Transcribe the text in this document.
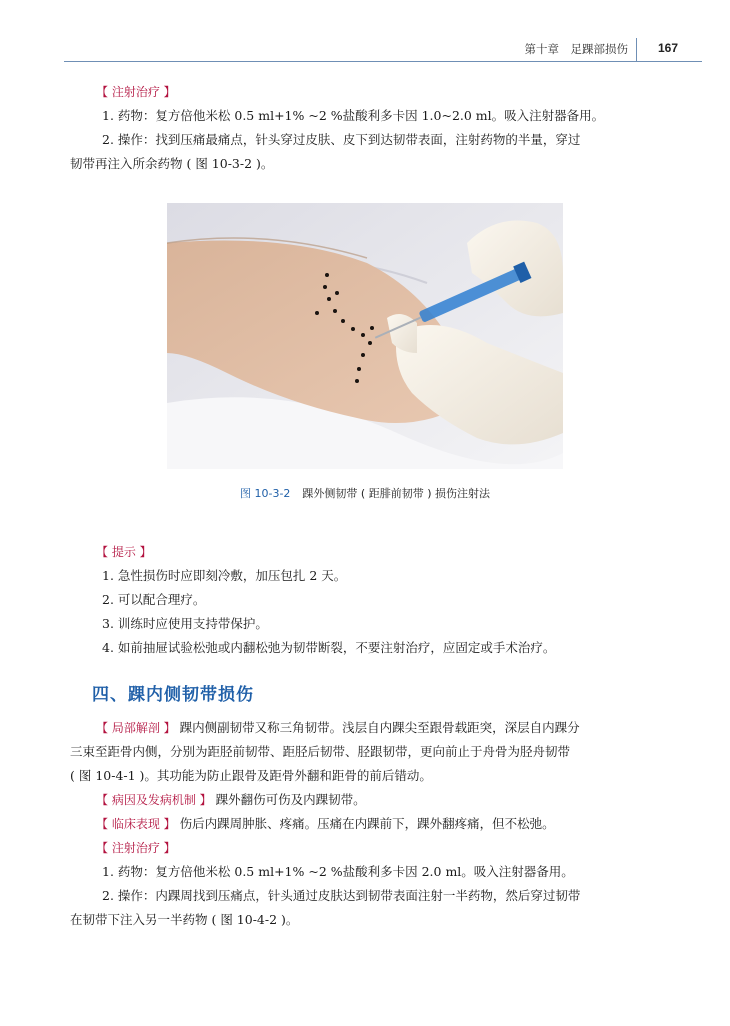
第十章　足踝部损伤 167

【 注射治疗 】

1. 药物：复方倍他米松 0.5 ml+1% ~2 %盐酸利多卡因 1.0~2.0 ml。吸入注射器备用。

2. 操作：找到压痛最痛点，针头穿过皮肤、皮下到达韧带表面，注射药物的半量，穿过

韧带再注入所余药物 ( 图 10-3-2 )。

图 10-3-2 踝外侧韧带 ( 距腓前韧带 ) 损伤注射法

【 提示 】

1. 急性损伤时应即刻冷敷，加压包扎 2 天。

2. 可以配合理疗。

3. 训练时应使用支持带保护。

4. 如前抽屉试验松弛或内翻松弛为韧带断裂，不要注射治疗，应固定或手术治疗。

四、踝内侧韧带损伤

【 局部解剖 】 踝内侧副韧带又称三角韧带。浅层自内踝尖至跟骨载距突，深层自内踝分

三束至距骨内侧，分别为距胫前韧带、距胫后韧带、胫跟韧带，更向前止于舟骨为胫舟韧带

( 图 10-4-1 )。其功能为防止跟骨及距骨外翻和距骨的前后错动。

【 病因及发病机制 】 踝外翻伤可伤及内踝韧带。

【 临床表现 】 伤后内踝周肿胀、疼痛。压痛在内踝前下，踝外翻疼痛，但不松弛。

【 注射治疗 】

1. 药物：复方倍他米松 0.5 ml+1% ~2 %盐酸利多卡因 2.0 ml。吸入注射器备用。

2. 操作：内踝周找到压痛点，针头通过皮肤达到韧带表面注射一半药物，然后穿过韧带

在韧带下注入另一半药物 ( 图 10-4-2 )。
